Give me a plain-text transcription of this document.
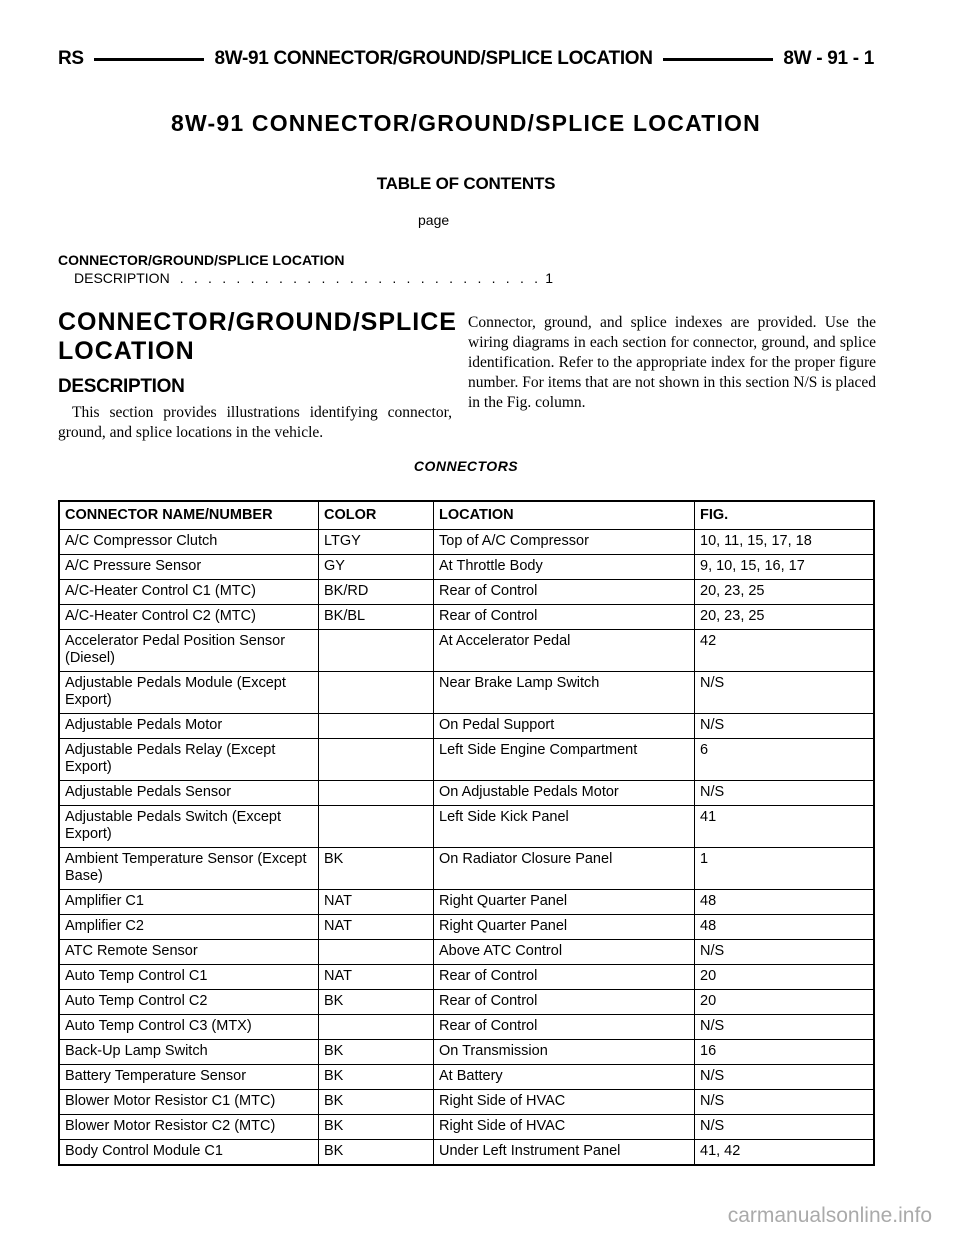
RS	8W-91 CONNECTOR/GROUND/SPLICE LOCATION	8W - 91 - 1
8W-91 CONNECTOR/GROUND/SPLICE LOCATION
TABLE OF CONTENTS
page
CONNECTOR/GROUND/SPLICE LOCATION
DESCRIPTION . . . . . . . . . . . . . . . . . . . . . . . . . . 1
CONNECTOR/GROUND/SPLICE LOCATION
DESCRIPTION
This section provides illustrations identifying connector, ground, and splice locations in the vehicle.
Connector, ground, and splice indexes are provided. Use the wiring diagrams in each section for connector, ground, and splice identification. Refer to the appropriate index for the proper figure number. For items that are not shown in this section N/S is placed in the Fig. column.
CONNECTORS
CONNECTOR NAME/NUMBER	COLOR	LOCATION	FIG.
A/C Compressor Clutch	LTGY	Top of A/C Compressor	10, 11, 15, 17, 18
A/C Pressure Sensor	GY	At Throttle Body	9, 10, 15, 16, 17
A/C-Heater Control C1 (MTC)	BK/RD	Rear of Control	20, 23, 25
A/C-Heater Control C2 (MTC)	BK/BL	Rear of Control	20, 23, 25
Accelerator Pedal Position Sensor (Diesel)		At Accelerator Pedal	42
Adjustable Pedals Module (Except Export)		Near Brake Lamp Switch	N/S
Adjustable Pedals Motor		On Pedal Support	N/S
Adjustable Pedals Relay (Except Export)		Left Side Engine Compartment	6
Adjustable Pedals Sensor		On Adjustable Pedals Motor	N/S
Adjustable Pedals Switch (Except Export)		Left Side Kick Panel	41
Ambient Temperature Sensor (Except Base)	BK	On Radiator Closure Panel	1
Amplifier C1	NAT	Right Quarter Panel	48
Amplifier C2	NAT	Right Quarter Panel	48
ATC Remote Sensor		Above ATC Control	N/S
Auto Temp Control C1	NAT	Rear of Control	20
Auto Temp Control C2	BK	Rear of Control	20
Auto Temp Control C3 (MTX)		Rear of Control	N/S
Back-Up Lamp Switch	BK	On Transmission	16
Battery Temperature Sensor	BK	At Battery	N/S
Blower Motor Resistor C1 (MTC)	BK	Right Side of HVAC	N/S
Blower Motor Resistor C2 (MTC)	BK	Right Side of HVAC	N/S
Body Control Module C1	BK	Under Left Instrument Panel	41, 42
carmanualsonline.info
